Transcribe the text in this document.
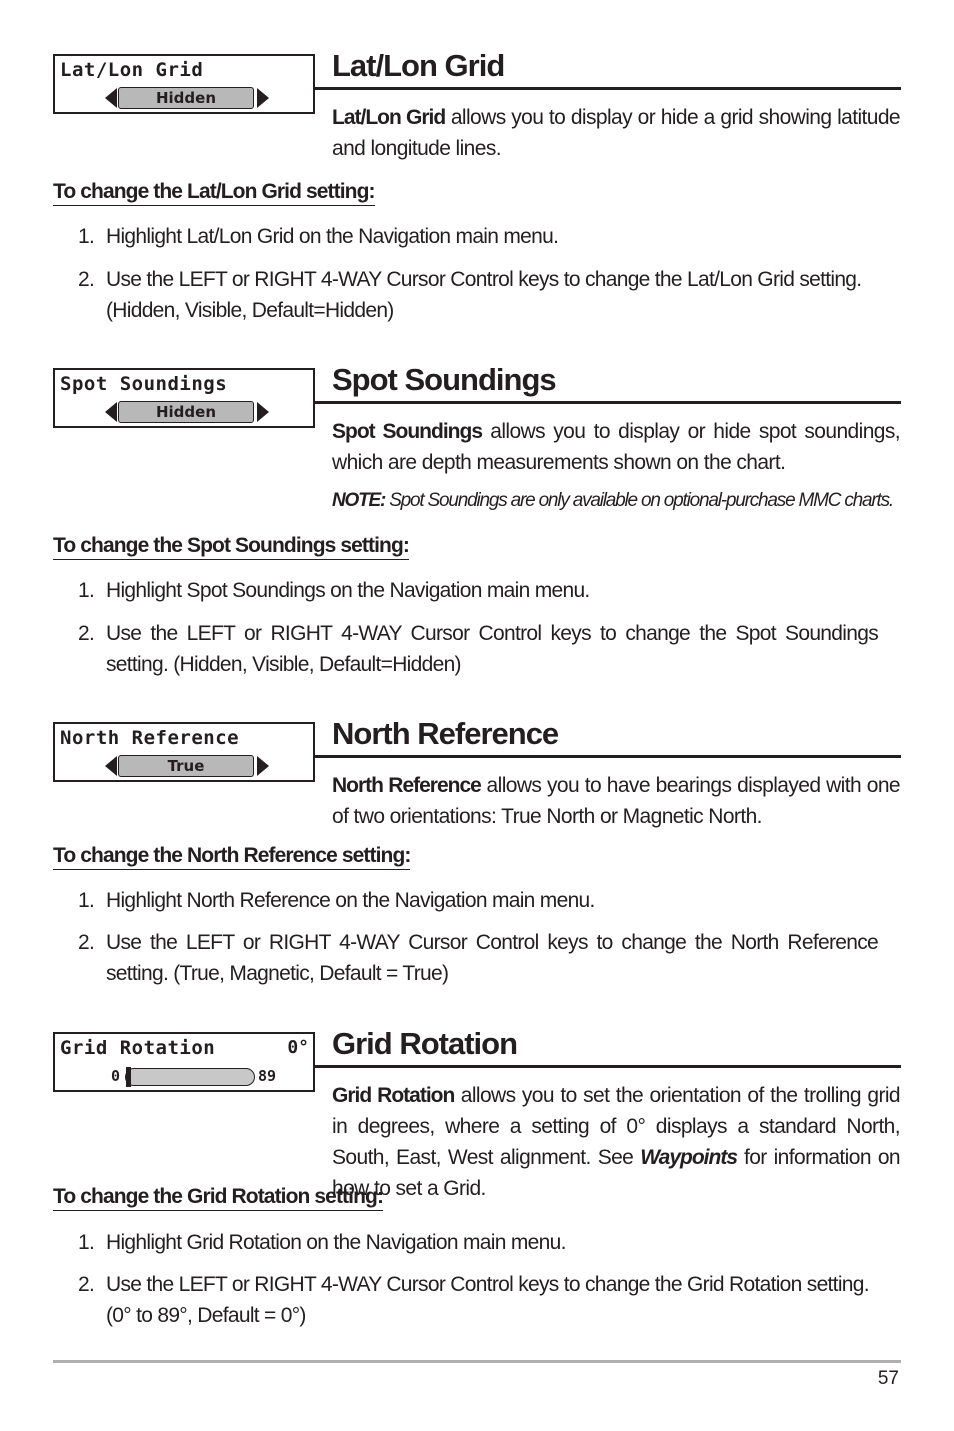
Lat/Lon Grid
Hidden
Lat/Lon Grid
Lat/Lon Grid allows you to display or hide a grid showing latitude and longitude lines.
To change the Lat/Lon Grid setting:
1. Highlight Lat/Lon Grid on the Navigation main menu.
2. Use the LEFT or RIGHT 4-WAY Cursor Control keys to change the Lat/Lon Grid setting. (Hidden, Visible, Default=Hidden)
Spot Soundings
Hidden
Spot Soundings
Spot Soundings allows you to display or hide spot soundings, which are depth measurements shown on the chart.
NOTE: Spot Soundings are only available on optional-purchase MMC charts.
To change the Spot Soundings setting:
1. Highlight Spot Soundings on the Navigation main menu.
2. Use the LEFT or RIGHT 4-WAY Cursor Control keys to change the Spot Soundings setting. (Hidden, Visible, Default=Hidden)
North Reference
True
North Reference
North Reference allows you to have bearings displayed with one of two orientations: True North or Magnetic North.
To change the North Reference setting:
1. Highlight North Reference on the Navigation main menu.
2. Use the LEFT or RIGHT 4-WAY Cursor Control keys to change the North Reference setting. (True, Magnetic, Default = True)
Grid Rotation	0°
0	89
Grid Rotation
Grid Rotation allows you to set the orientation of the trolling grid in degrees, where a setting of 0° displays a standard North, South, East, West alignment. See Waypoints for information on how to set a Grid.
To change the Grid Rotation setting:
1. Highlight Grid Rotation on the Navigation main menu.
2. Use the LEFT or RIGHT 4-WAY Cursor Control keys to change the Grid Rotation setting. (0° to 89°, Default = 0°)
57
